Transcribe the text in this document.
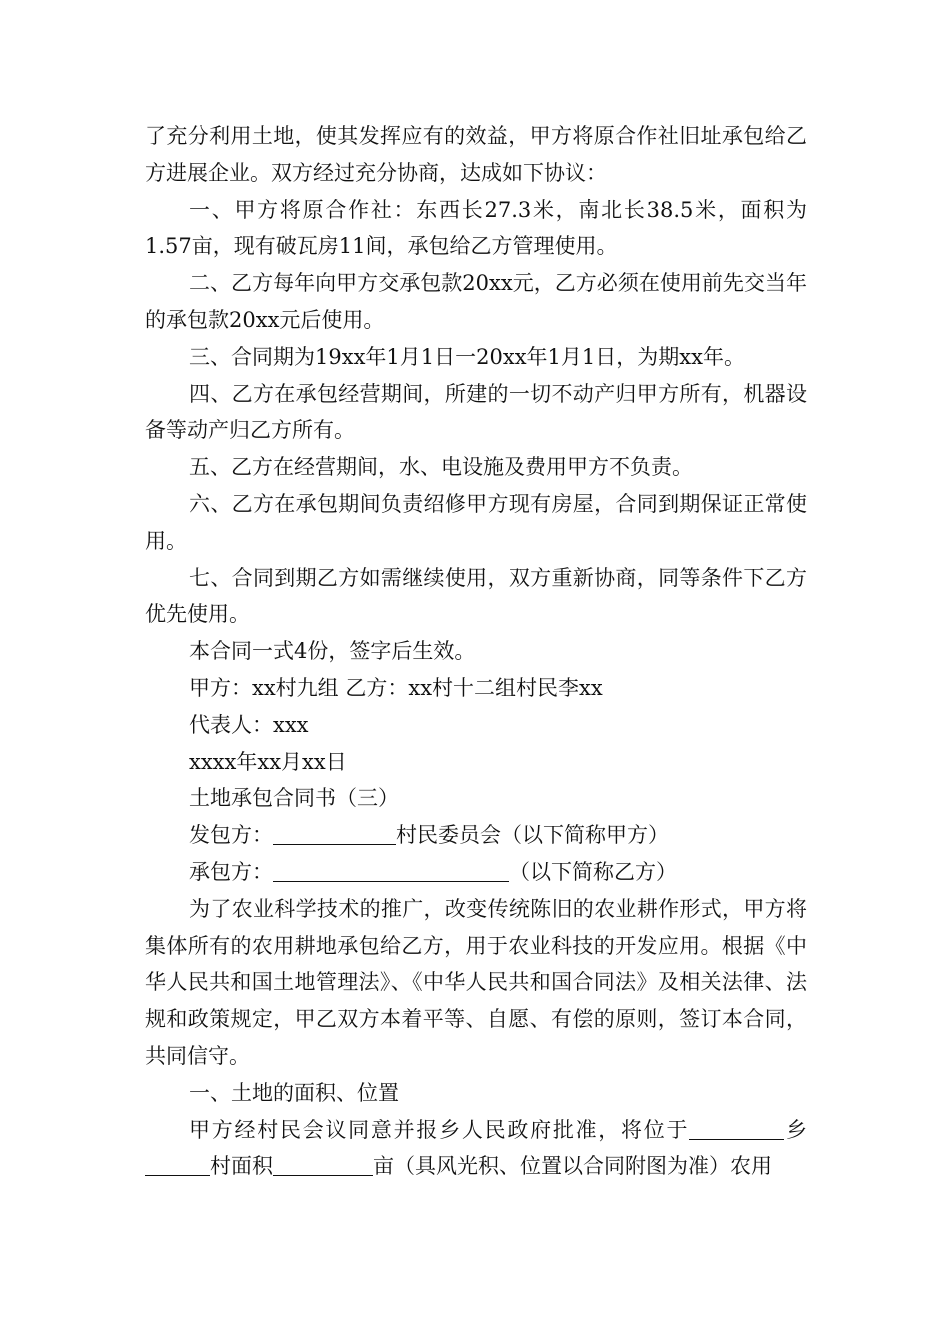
了充分利用土地，使其发挥应有的效益，甲方将原合作社旧址承包给乙方进展企业。双方经过充分协商，达成如下协议：

一、甲方将原合作社：东西长27.3米，南北长38.5米，面积为1.57亩，现有破瓦房11间，承包给乙方管理使用。

二、乙方每年向甲方交承包款20xx元，乙方必须在使用前先交当年的承包款20xx元后使用。

三、合同期为19xx年1月1日一20xx年1月1日，为期xx年。

四、乙方在承包经营期间，所建的一切不动产归甲方所有，机器设备等动产归乙方所有。

五、乙方在经营期间，水、电设施及费用甲方不负责。

六、乙方在承包期间负责绍修甲方现有房屋，合同到期保证正常使用。

七、合同到期乙方如需继续使用，双方重新协商，同等条件下乙方优先使用。

本合同一式4份，签字后生效。

甲方：xx村九组 乙方：xx村十二组村民李xx

代表人：xxx

xxxx年xx月xx日

土地承包合同书（三）

发包方：	村民委员会（以下简称甲方）

承包方：	（以下简称乙方）

为了农业科学技术的推广，改变传统陈旧的农业耕作形式，甲方将集体所有的农用耕地承包给乙方，用于农业科技的开发应用。根据《中华人民共和国土地管理法》、《中华人民共和国合同法》及相关法律、法规和政策规定，甲乙双方本着平等、自愿、有偿的原则，签订本合同，共同信守。

一、土地的面积、位置

甲方经村民会议同意并报乡人民政府批准，将位于	乡村面积	亩（具风光积、位置以合同附图为准）农用
